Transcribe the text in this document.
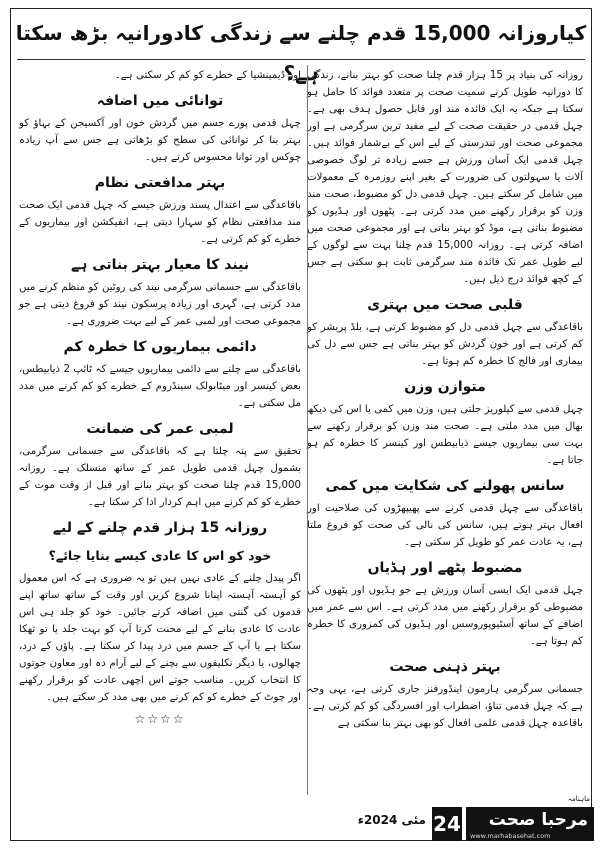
کیاروزانہ 15,000 قدم چلنے سے زندگی کادورانیہ بڑھ سکتا ہے؟

روزانہ کی بنیاد پر 15 ہزار قدم چلنا صحت کو بہتر بنانے، زندگی کا دورانیہ طویل کرنے سمیت صحت پر متعدد فوائد کا حامل ہو سکتا ہے جبکہ یہ ایک فائدہ مند اور قابل حصول ہدف بھی ہے۔ چہل قدمی در حقیقت صحت کے لیے مفید ترین سرگرمی ہے اور مجموعی صحت اور تندرستی کے لیے اس کے بےشمار فوائد ہیں۔ چہل قدمی ایک آسان ورزش ہے جسے زیادہ تر لوگ خصوصی آلات یا سہولتوں کی ضرورت کے بغیر اپنے روزمرہ کے معمولات میں شامل کر سکتے ہیں۔ چہل قدمی دل کو مضبوط، صحت مند وزن کو برقرار رکھنے میں مدد کرتی ہے۔ پٹھوں اور ہڈیوں کو مضبوط بناتی ہے، موڈ کو بہتر بناتی ہے اور مجموعی صحت میں اضافہ کرتی ہے۔ روزانہ 15,000 قدم چلنا بہت سے لوگوں کے لیے طویل عمر تک فائدہ مند سرگرمی ثابت ہو سکتی ہے جس کے کچھ فوائد درج ذیل ہیں۔

قلبی صحت میں بہتری

باقاعدگی سے چہل قدمی دل کو مضبوط کرتی ہے، بلڈ پریشر کو کم کرتی ہے اور خون گردش کو بہتر بناتی ہے جس سے دل کی بیماری اور فالج کا خطرہ کم ہوتا ہے۔

متوازن وزن

چہل قدمی سے کیلوریز جلتی ہیں، وزن میں کمی یا اس کی دیکھ بھال میں مدد ملتی ہے۔ صحت مند وزن کو برقرار رکھنے سے بہت سی بیماریوں جیسے ذیابیطس اور کینسر کا خطرہ کم ہو جاتا ہے۔

سانس پھولنے کی شکایت میں کمی

باقاعدگی سے چہل قدمی کرنے سے پھیپھڑوں کی صلاحیت اور افعال بہتر ہوتے ہیں، سانس کی نالی کی صحت کو فروغ ملتا ہے، یہ عادت عمر کو طویل کر سکتی ہے۔

مضبوط پٹھے اور ہڈیاں

چہل قدمی ایک ایسی آسان ورزش ہے جو ہڈیوں اور پٹھوں کی مضبوطی کو برقرار رکھنے میں مدد کرتی ہے۔ اس سے عمر میں اضافے کے ساتھ آسٹیوپوروسس اور ہڈیوں کی کمزوری کا خطرہ کم ہوتا ہے۔

بہتر ذہنی صحت

جسمانی سرگرمی ہارمون اینڈورفنز جاری کرتی ہے، یہی وجہ ہے کہ چہل قدمی تناؤ، اضطراب اور افسردگی کو کم کرتی ہے۔ باقاعدہ چہل قدمی علمی افعال کو بھی بہتر بنا سکتی ہے

اور ڈیمینشیا کے خطرے کو کم کر سکتی ہے۔

توانائی میں اضافہ

چہل قدمی پورے جسم میں گردش خون اور آکسیجن کے بہاؤ کو بہتر بنا کر توانائی کی سطح کو بڑھاتی ہے جس سے آپ زیادہ چوکس اور توانا محسوس کرتے ہیں۔

بہتر مدافعتی نظام

باقاعدگی سے اعتدال پسند ورزش جیسے کہ چہل قدمی ایک صحت مند مدافعتی نظام کو سہارا دیتی ہے، انفیکشن اور بیماریوں کے خطرے کو کم کرتی ہے۔

نیند کا معیار بہتر بناتی ہے

باقاعدگی سے جسمانی سرگرمی نیند کی روٹین کو منظم کرنے میں مدد کرتی ہے، گہری اور زیادہ پرسکون نیند کو فروغ دیتی ہے جو مجموعی صحت اور لمبی عمر کے لیے بہت ضروری ہے۔

دائمی بیماریوں کا خطرہ کم

باقاعدگی سے چلنے سے دائمی بیماریوں جیسے کہ ٹائپ 2 ذیابیطس، بعض کینسر اور میٹابولک سینڈروم کے خطرے کو کم کرنے میں مدد مل سکتی ہے۔

لمبی عمر کی ضمانت

تحقیق سے پتہ چلتا ہے کہ باقاعدگی سے جسمانی سرگرمی، بشمول چہل قدمی طویل عمر کے ساتھ منسلک ہے۔ روزانہ 15,000 قدم چلنا صحت کو بہتر بنانے اور قبل از وقت موت کے خطرے کو کم کرنے میں اہم کردار ادا کر سکتا ہے۔

روزانہ 15 ہزار قدم چلنے کے لیے
خود کو اس کا عادی کیسے بنایا جائے؟

اگر پیدل چلنے کے عادی نہیں ہیں تو یہ ضروری ہے کہ اس معمول کو آہستہ آہستہ اپنانا شروع کریں اور وقت کے ساتھ ساتھ اپنے قدموں کی گنتی میں اضافہ کرتے جائیں۔ خود کو جلد ہی اس عادت کا عادی بنانے کے لیے محنت کرنا آپ کو بہت جلد یا تو تھکا سکتا ہے یا آپ کے جسم میں درد پیدا کر سکتا ہے۔ پاؤں کے درد، چھالوں، یا دیگر تکلیفوں سے بچنے کے لیے آرام دہ اور معاون جوتوں کا انتخاب کریں۔ مناسب جوتے اس اچھی عادت کو برقرار رکھنے اور چوٹ کے خطرے کو کم کرنے میں بھی مدد کر سکتے ہیں۔

☆☆☆☆
ماہنامہ
مرحبا صحت
www.marhabasehat.com
24
مئی 2024ء
